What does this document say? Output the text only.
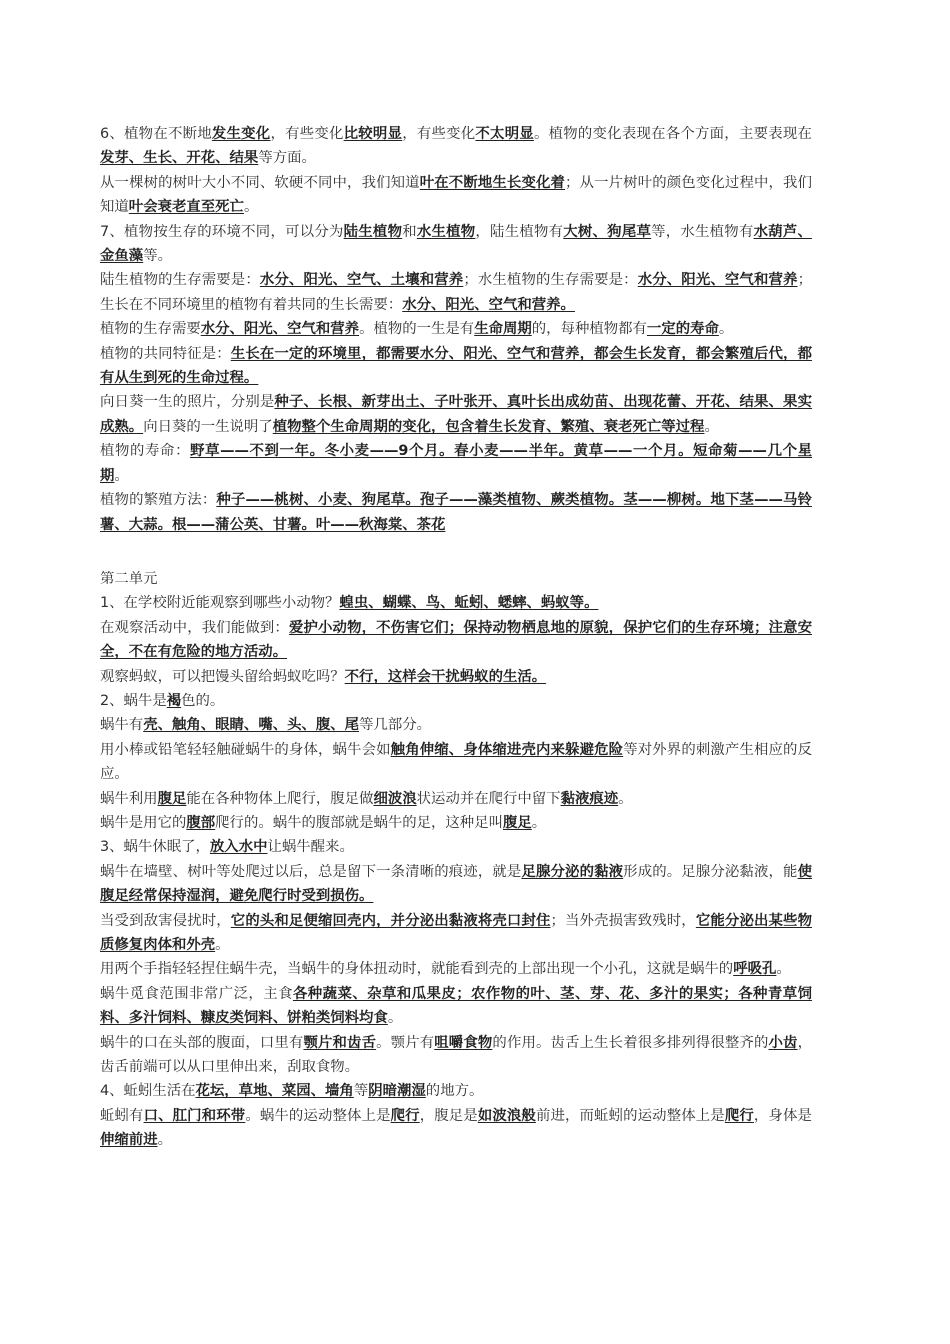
6、植物在不断地发生变化，有些变化比较明显，有些变化不太明显。植物的变化表现在各个方面，主要表现在发芽、生长、开花、结果等方面。

从一棵树的树叶大小不同、软硬不同中，我们知道叶在不断地生长变化着；从一片树叶的颜色变化过程中，我们知道叶会衰老直至死亡。

7、植物按生存的环境不同，可以分为陆生植物和水生植物，陆生植物有大树、狗尾草等，水生植物有水葫芦、金鱼藻等。

陆生植物的生存需要是：水分、阳光、空气、土壤和营养；水生植物的生存需要是：水分、阳光、空气和营养；生长在不同环境里的植物有着共同的生长需要：水分、阳光、空气和营养。

植物的生存需要水分、阳光、空气和营养。植物的一生是有生命周期的，每种植物都有一定的寿命。

植物的共同特征是：生长在一定的环境里，都需要水分、阳光、空气和营养，都会生长发育，都会繁殖后代，都有从生到死的生命过程。

向日葵一生的照片，分别是种子、长根、新芽出土、子叶张开、真叶长出成幼苗、出现花蕾、开花、结果、果实成熟。向日葵的一生说明了植物整个生命周期的变化，包含着生长发育、繁殖、衰老死亡等过程。

植物的寿命：野草——不到一年。冬小麦——9个月。春小麦——半年。黄草——一个月。短命菊——几个星期。

植物的繁殖方法：种子——桃树、小麦、狗尾草。孢子——藻类植物、蕨类植物。茎——柳树。地下茎——马铃薯、大蒜。根——蒲公英、甘薯。叶——秋海棠、茶花

第二单元

1、在学校附近能观察到哪些小动物？蝗虫、蝴蝶、鸟、蚯蚓、蟋蟀、蚂蚁等。

在观察活动中，我们能做到：爱护小动物，不伤害它们；保持动物栖息地的原貌，保护它们的生存环境；注意安全，不在有危险的地方活动。

观察蚂蚁，可以把馒头留给蚂蚁吃吗？不行，这样会干扰蚂蚁的生活。

2、蜗牛是褐色的。

蜗牛有壳、触角、眼睛、嘴、头、腹、尾等几部分。

用小棒或铅笔轻轻触碰蜗牛的身体，蜗牛会如触角伸缩、身体缩进壳内来躲避危险等对外界的刺激产生相应的反应。

蜗牛利用腹足能在各种物体上爬行，腹足做细波浪状运动并在爬行中留下黏液痕迹。

蜗牛是用它的腹部爬行的。蜗牛的腹部就是蜗牛的足，这种足叫腹足。

3、蜗牛休眠了，放入水中让蜗牛醒来。

蜗牛在墙壁、树叶等处爬过以后，总是留下一条清晰的痕迹，就是足腺分泌的黏液形成的。足腺分泌黏液，能使腹足经常保持湿润，避免爬行时受到损伤。

当受到敌害侵扰时，它的头和足便缩回壳内，并分泌出黏液将壳口封住；当外壳损害致残时，它能分泌出某些物质修复肉体和外壳。

用两个手指轻轻捏住蜗牛壳，当蜗牛的身体扭动时，就能看到壳的上部出现一个小孔，这就是蜗牛的呼吸孔。

蜗牛觅食范围非常广泛，主食各种蔬菜、杂草和瓜果皮；农作物的叶、茎、芽、花、多汁的果实；各种青草饲料、多汁饲料、糠皮类饲料、饼粕类饲料均食。

蜗牛的口在头部的腹面，口里有颚片和齿舌。颚片有咀嚼食物的作用。齿舌上生长着很多排列得很整齐的小齿，齿舌前端可以从口里伸出来，刮取食物。

4、蚯蚓生活在花坛，草地、菜园、墙角等阴暗潮湿的地方。

蚯蚓有口、肛门和环带。蜗牛的运动整体上是爬行，腹足是如波浪般前进，而蚯蚓的运动整体上是爬行，身体是伸缩前进。
